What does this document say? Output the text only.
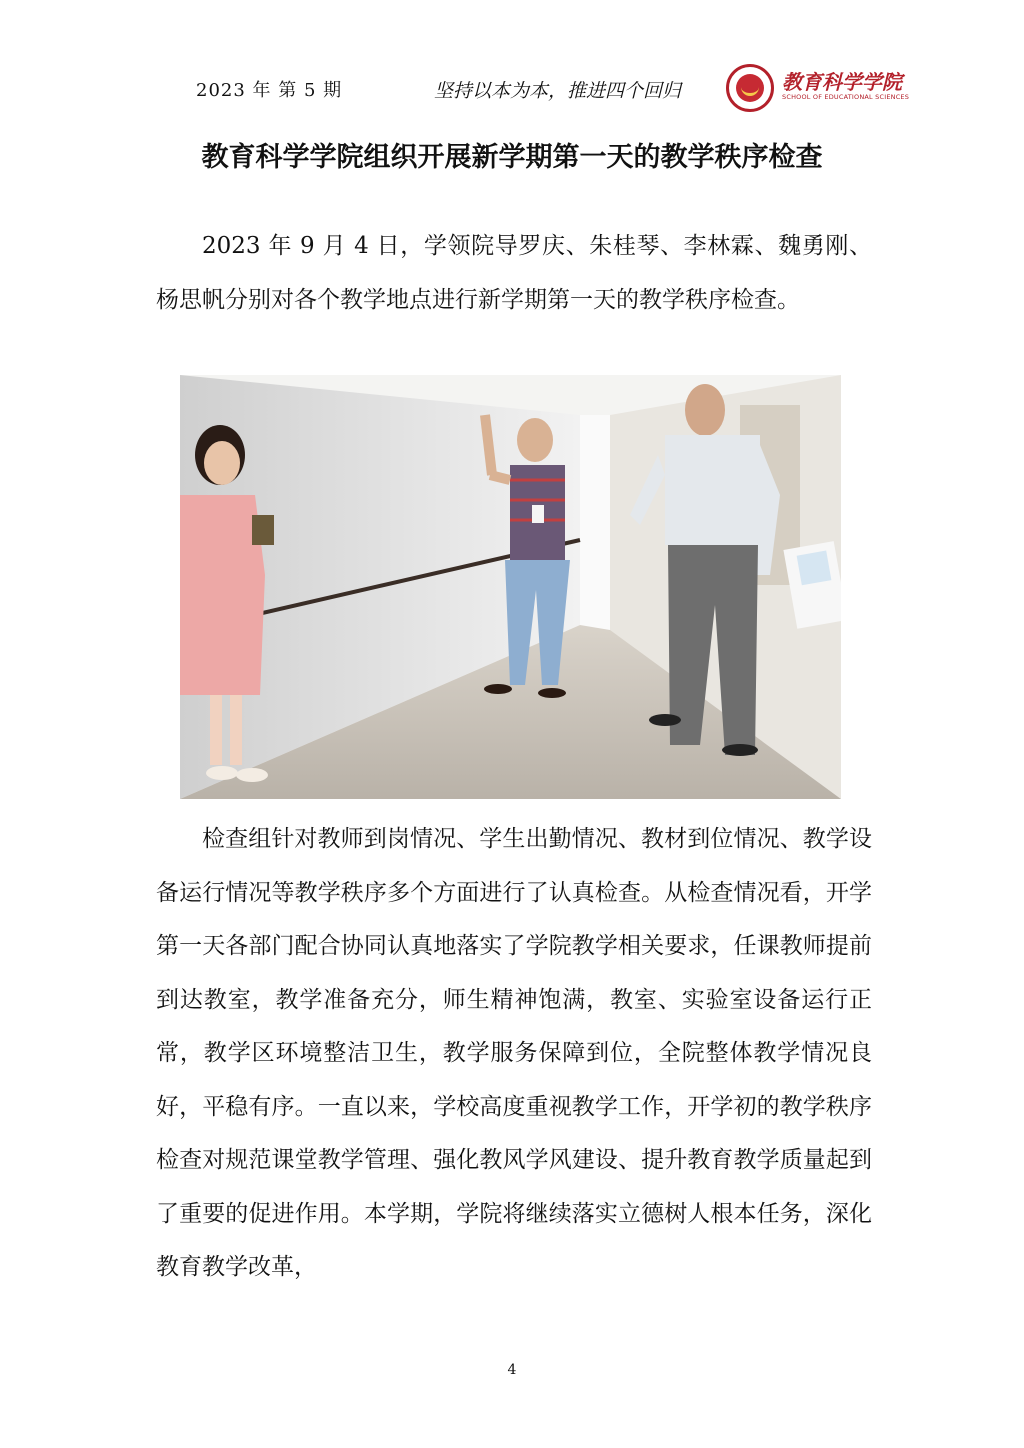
2023 年 第 5 期	坚持以本为本，推进四个回归	教育科学学院
SCHOOL OF EDUCATIONAL SCIENCES
教育科学学院组织开展新学期第一天的教学秩序检查

2023 年 9 月 4 日，学领院导罗庆、朱桂琴、李林霖、魏勇刚、杨思帆分别对各个教学地点进行新学期第一天的教学秩序检查。

检查组针对教师到岗情况、学生出勤情况、教材到位情况、教学设备运行情况等教学秩序多个方面进行了认真检查。从检查情况看，开学第一天各部门配合协同认真地落实了学院教学相关要求，任课教师提前到达教室，教学准备充分，师生精神饱满，教室、实验室设备运行正常，教学区环境整洁卫生，教学服务保障到位，全院整体教学情况良好，平稳有序。一直以来，学校高度重视教学工作，开学初的教学秩序检查对规范课堂教学管理、强化教风学风建设、提升教育教学质量起到了重要的促进作用。本学期，学院将继续落实立德树人根本任务，深化教育教学改革，

4
